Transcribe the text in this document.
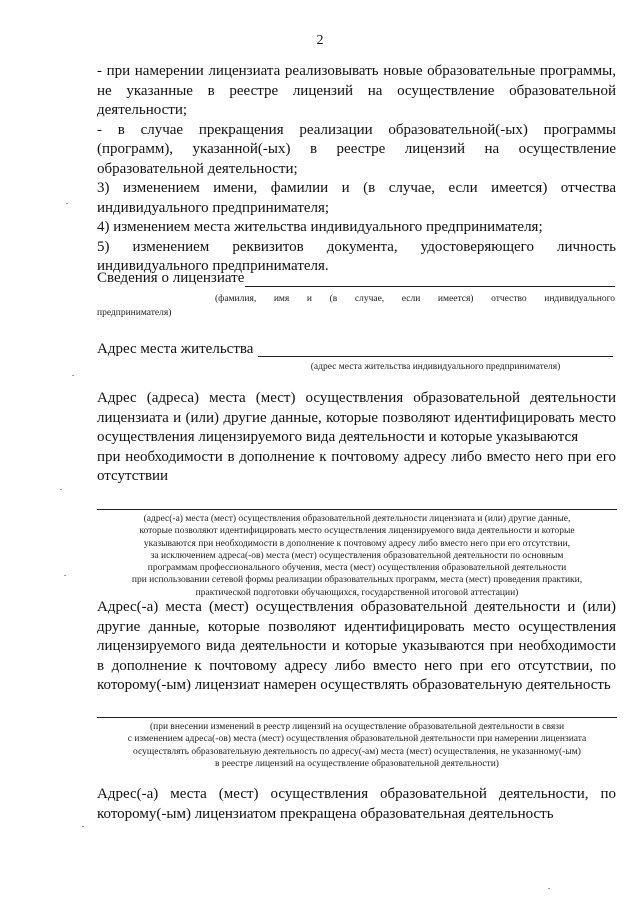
2

- при намерении лицензиата реализовывать новые образовательные программы, не указанные в реестре лицензий на осуществление образовательной деятельности;

- в случае прекращения реализации образовательной(-ых) программы (программ), указанной(-ых) в реестре лицензий на осуществление образовательной деятельности;

3) изменением имени, фамилии и (в случае, если имеется) отчества индивидуального предпринимателя;

4) изменением места жительства индивидуального предпринимателя;

5) изменением реквизитов документа, удостоверяющего личность индивидуального предпринимателя.

Сведения о лицензиате
(фамилия, имя и (в случае, если имеется) отчество индивидуального
предпринимателя)
Адрес места жительства
(адрес места жительства индивидуального предпринимателя)

Адрес (адреса) места (мест) осуществления образовательной деятельности лицензиата и (или) другие данные, которые позволяют идентифицировать место осуществления лицензируемого вида деятельности и которые указываются

при необходимости в дополнение к почтовому адресу либо вместо него при его отсутствии

(адрес(-а) места (мест) осуществления образовательной деятельности лицензиата и (или) другие данные,
которые позволяют идентифицировать место осуществления лицензируемого вида деятельности и которые
указываются при необходимости в дополнение к почтовому адресу либо вместо него при его отсутствии,
за исключением адреса(-ов) места (мест) осуществления образовательной деятельности по основным
программам профессионального обучения, места (мест) осуществления образовательной деятельности
при использовании сетевой формы реализации образовательных программ, места (мест) проведения практики,
практической подготовки обучающихся, государственной итоговой аттестации)

Адрес(-а) места (мест) осуществления образовательной деятельности и (или) другие данные, которые позволяют идентифицировать место осуществления лицензируемого вида деятельности и которые указываются при необходимости в дополнение к почтовому адресу либо вместо него при его отсутствии, по которому(-ым) лицензиат намерен осуществлять образовательную деятельность

(при внесении изменений в реестр лицензий на осуществление образовательной деятельности в связи
с изменением адреса(-ов) места (мест) осуществления образовательной деятельности при намерении лицензиата
осуществлять образовательную деятельность по адресу(-ам) места (мест) осуществления, не указанному(-ым)
в реестре лицензий на осуществление образовательной деятельности)

Адрес(-а) места (мест) осуществления образовательной деятельности, по которому(-ым) лицензиатом прекращена образовательная деятельность
